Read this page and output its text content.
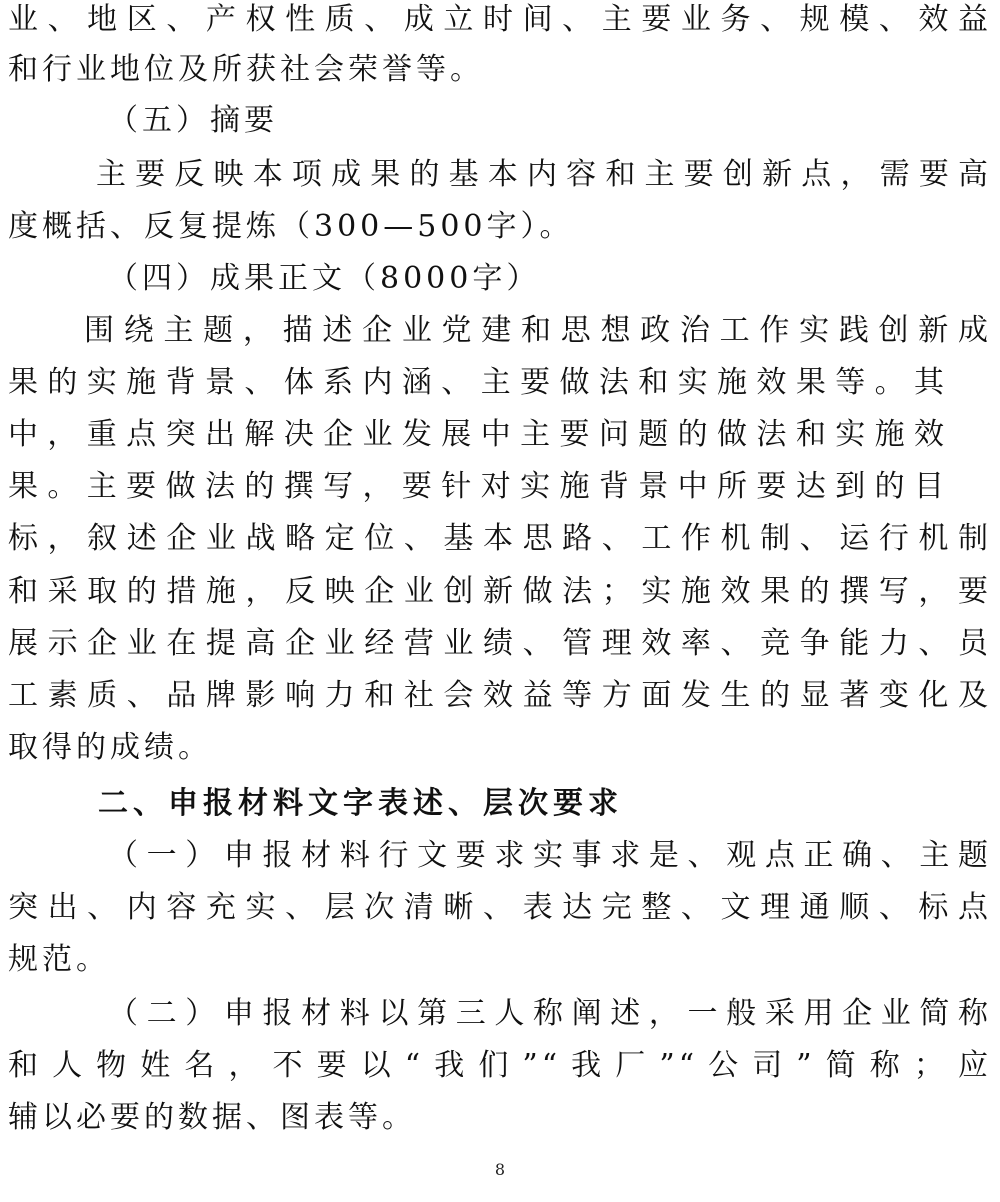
业、地区、产权性质、成立时间、主要业务、规模、效益
和行业地位及所获社会荣誉等。
（五）摘要
主要反映本项成果的基本内容和主要创新点，需要高
度概括、反复提炼（300—500字）。
（四）成果正文（8000字）
围绕主题，描述企业党建和思想政治工作实践创新成
果的实施背景、体系内涵、主要做法和实施效果等。其
中，重点突出解决企业发展中主要问题的做法和实施效
果。主要做法的撰写，要针对实施背景中所要达到的目
标，叙述企业战略定位、基本思路、工作机制、运行机制
和采取的措施，反映企业创新做法；实施效果的撰写，要
展示企业在提高企业经营业绩、管理效率、竞争能力、员
工素质、品牌影响力和社会效益等方面发生的显著变化及
取得的成绩。
二、申报材料文字表述、层次要求
（一）申报材料行文要求实事求是、观点正确、主题
突出、内容充实、层次清晰、表达完整、文理通顺、标点
规范。
（二）申报材料以第三人称阐述，一般采用企业简称
和人物姓名，不要以“我们”“我厂”“公司”简称；应
辅以必要的数据、图表等。
8
